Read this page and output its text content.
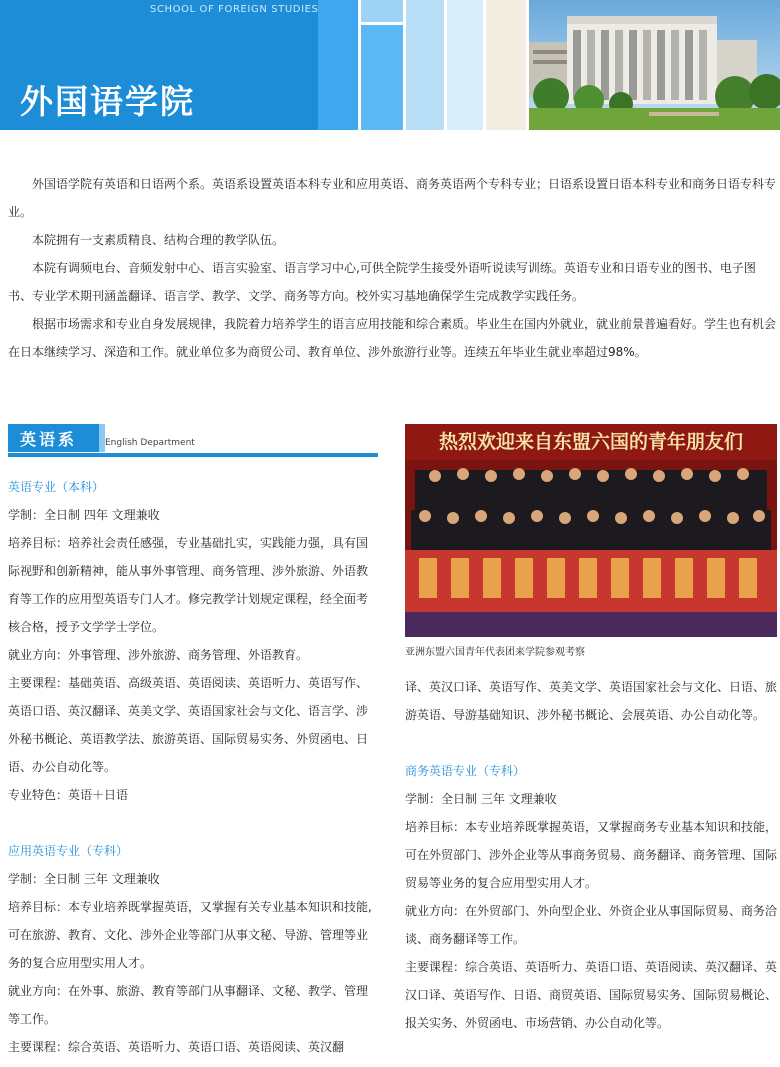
SCHOOL OF FOREIGN STUDIES
外国语学院

外国语学院有英语和日语两个系。英语系设置英语本科专业和应用英语、商务英语两个专科专业；日语系设置日语本科专业和商务日语专科专业。

本院拥有一支素质精良、结构合理的教学队伍。

本院有调频电台、音频发射中心、语言实验室、语言学习中心,可供全院学生接受外语听说读写训练。英语专业和日语专业的图书、电子图书、专业学术期刊涵盖翻译、语言学、教学、文学、商务等方向。校外实习基地确保学生完成教学实践任务。

根据市场需求和专业自身发展规律，我院着力培养学生的语言应用技能和综合素质。毕业生在国内外就业，就业前景普遍看好。学生也有机会在日本继续学习、深造和工作。就业单位多为商贸公司、教育单位、涉外旅游行业等。连续五年毕业生就业率超过98%。

英语系	English Department
英语专业（本科）
学制：全日制 四年 文理兼收
培养目标：培养社会责任感强，专业基础扎实，实践能力强，具有国际视野和创新精神，能从事外事管理、商务管理、涉外旅游、外语教育等工作的应用型英语专门人才。修完教学计划规定课程，经全面考核合格，授予文学学士学位。
就业方向：外事管理、涉外旅游、商务管理、外语教育。
主要课程：基础英语、高级英语、英语阅读、英语听力、英语写作、英语口语、英汉翻译、英美文学、英语国家社会与文化、语言学、涉外秘书概论、英语教学法、旅游英语、国际贸易实务、外贸函电、日语、办公自动化等。
专业特色：英语＋日语
应用英语专业（专科）
学制：全日制 三年 文理兼收
培养目标：本专业培养既掌握英语，又掌握有关专业基本知识和技能, 可在旅游、教育、文化、涉外企业等部门从事文秘、导游、管理等业务的复合应用型实用人才。
就业方向：在外事、旅游、教育等部门从事翻译、文秘、教学、管理等工作。
主要课程：综合英语、英语听力、英语口语、英语阅读、英汉翻
热烈欢迎来自东盟六国的青年朋友们
亚洲东盟六国青年代表团来学院参观考察
译、英汉口译、英语写作、英美文学、英语国家社会与文化、日语、旅游英语、导游基础知识、涉外秘书概论、会展英语、办公自动化等。
商务英语专业（专科）
学制：全日制 三年 文理兼收
培养目标：本专业培养既掌握英语，又掌握商务专业基本知识和技能，可在外贸部门、涉外企业等从事商务贸易、商务翻译、商务管理、国际贸易等业务的复合应用型实用人才。
就业方向：在外贸部门、外向型企业、外资企业从事国际贸易、商务洽谈、商务翻译等工作。
主要课程：综合英语、英语听力、英语口语、英语阅读、英汉翻译、英汉口译、英语写作、日语、商贸英语、国际贸易实务、国际贸易概论、报关实务、外贸函电、市场营销、办公自动化等。
